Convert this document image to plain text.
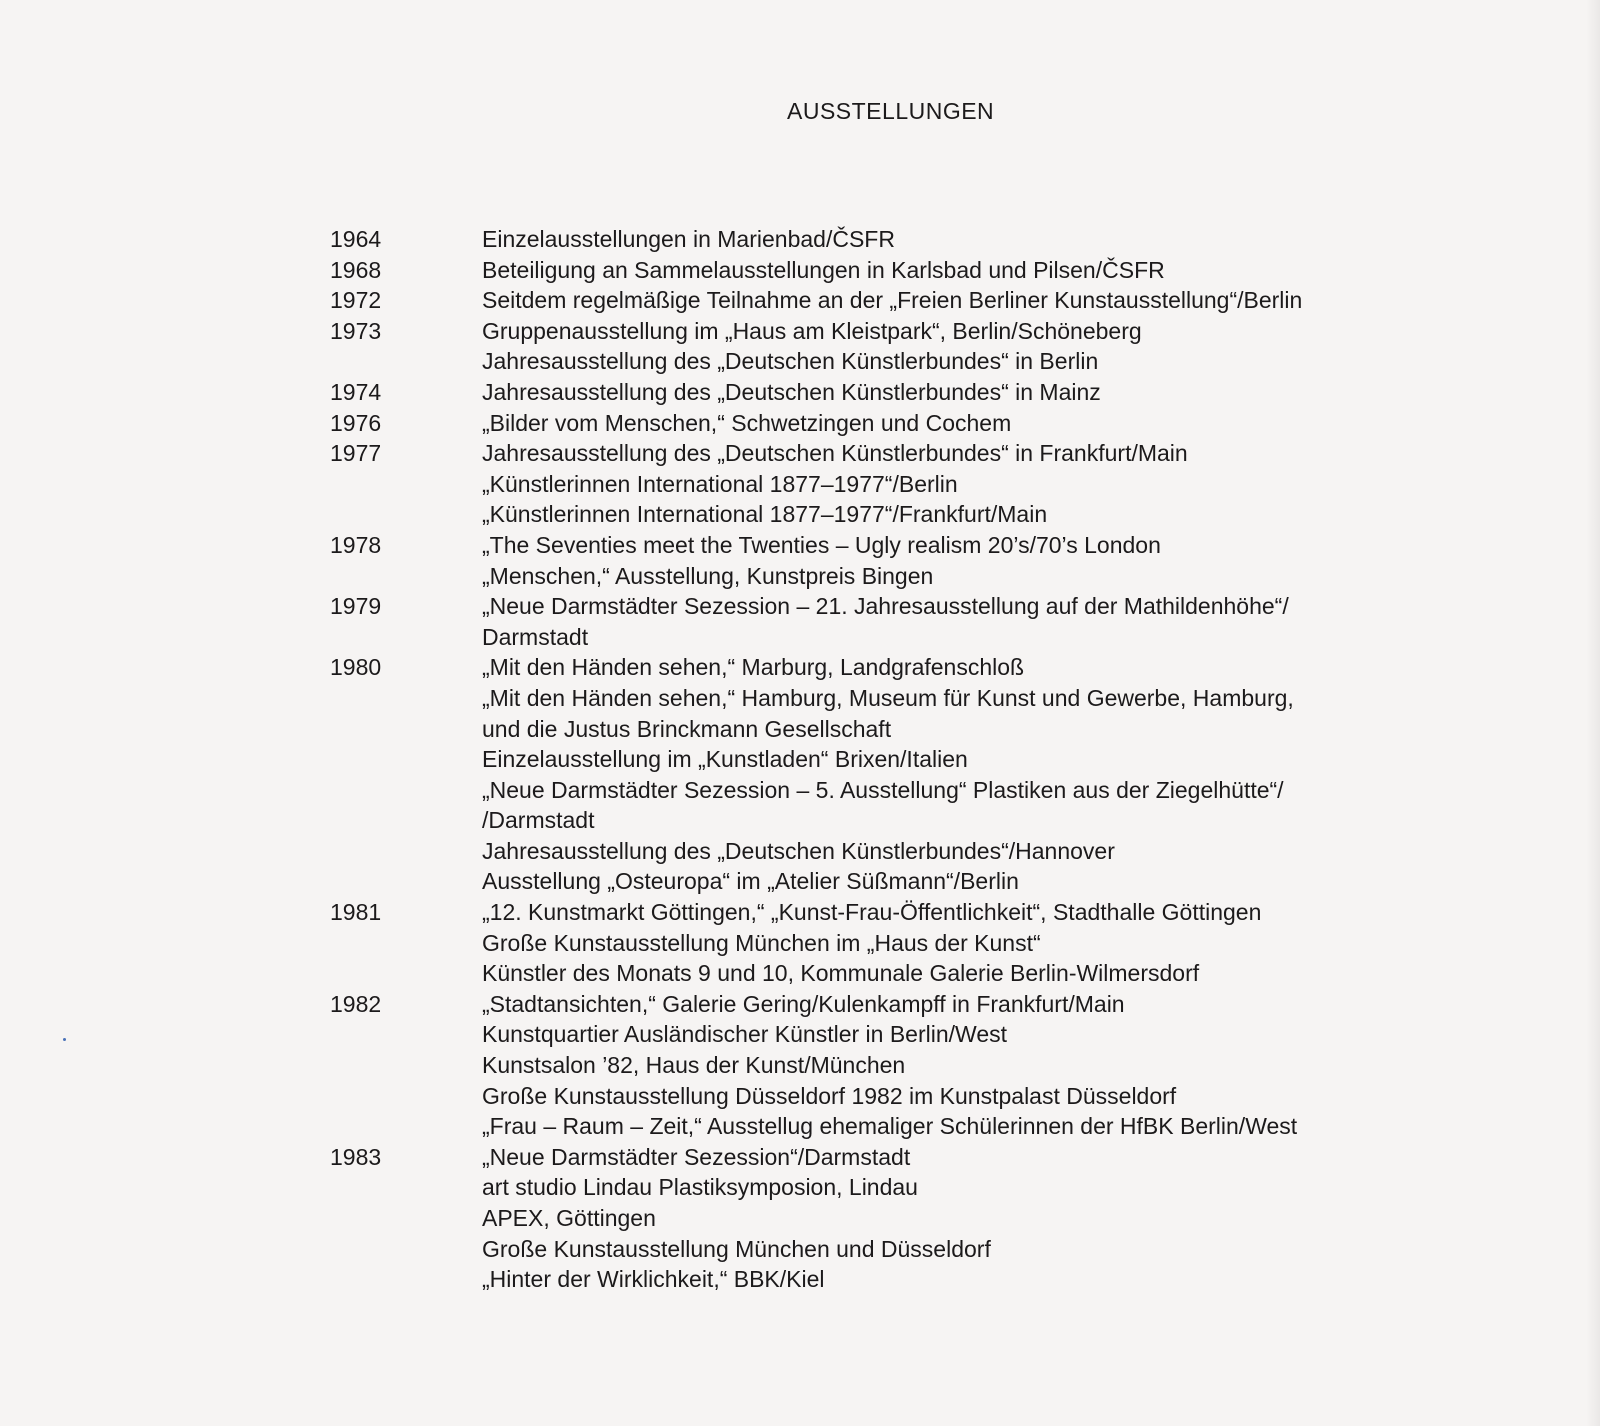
AUSSTELLUNGEN
1964	Einzelausstellungen in Marienbad/ČSFR
1968	Beteiligung an Sammelausstellungen in Karlsbad und Pilsen/ČSFR
1972	Seitdem regelmäßige Teilnahme an der „Freien Berliner Kunstausstellung“/Berlin
1973	Gruppenausstellung im „Haus am Kleistpark“, Berlin/Schöneberg
Jahresausstellung des „Deutschen Künstlerbundes“ in Berlin
1974	Jahresausstellung des „Deutschen Künstlerbundes“ in Mainz
1976	„Bilder vom Menschen,“ Schwetzingen und Cochem
1977	Jahresausstellung des „Deutschen Künstlerbundes“ in Frankfurt/Main
„Künstlerinnen International 1877–1977“/Berlin
„Künstlerinnen International 1877–1977“/Frankfurt/Main
1978	„The Seventies meet the Twenties – Ugly realism 20’s/70’s London
„Menschen,“ Ausstellung, Kunstpreis Bingen
1979	„Neue Darmstädter Sezession – 21. Jahresausstellung auf der Mathildenhöhe“/
Darmstadt
1980	„Mit den Händen sehen,“ Marburg, Landgrafenschloß
„Mit den Händen sehen,“ Hamburg, Museum für Kunst und Gewerbe, Hamburg,
und die Justus Brinckmann Gesellschaft
Einzelausstellung im „Kunstladen“ Brixen/Italien
„Neue Darmstädter Sezession – 5. Ausstellung“ Plastiken aus der Ziegelhütte“/
/Darmstadt
Jahresausstellung des „Deutschen Künstlerbundes“/Hannover
Ausstellung „Osteuropa“ im „Atelier Süßmann“/Berlin
1981	„12. Kunstmarkt Göttingen,“ „Kunst-Frau-Öffentlichkeit“, Stadthalle Göttingen
Große Kunstausstellung München im „Haus der Kunst“
Künstler des Monats 9 und 10, Kommunale Galerie Berlin-Wilmersdorf
1982	„Stadtansichten,“ Galerie Gering/Kulenkampff in Frankfurt/Main
Kunstquartier Ausländischer Künstler in Berlin/West
Kunstsalon ’82, Haus der Kunst/München
Große Kunstausstellung Düsseldorf 1982 im Kunstpalast Düsseldorf
„Frau – Raum – Zeit,“ Ausstellug ehemaliger Schülerinnen der HfBK Berlin/West
1983	„Neue Darmstädter Sezession“/Darmstadt
art studio Lindau Plastiksymposion, Lindau
APEX, Göttingen
Große Kunstausstellung München und Düsseldorf
„Hinter der Wirklichkeit,“ BBK/Kiel
